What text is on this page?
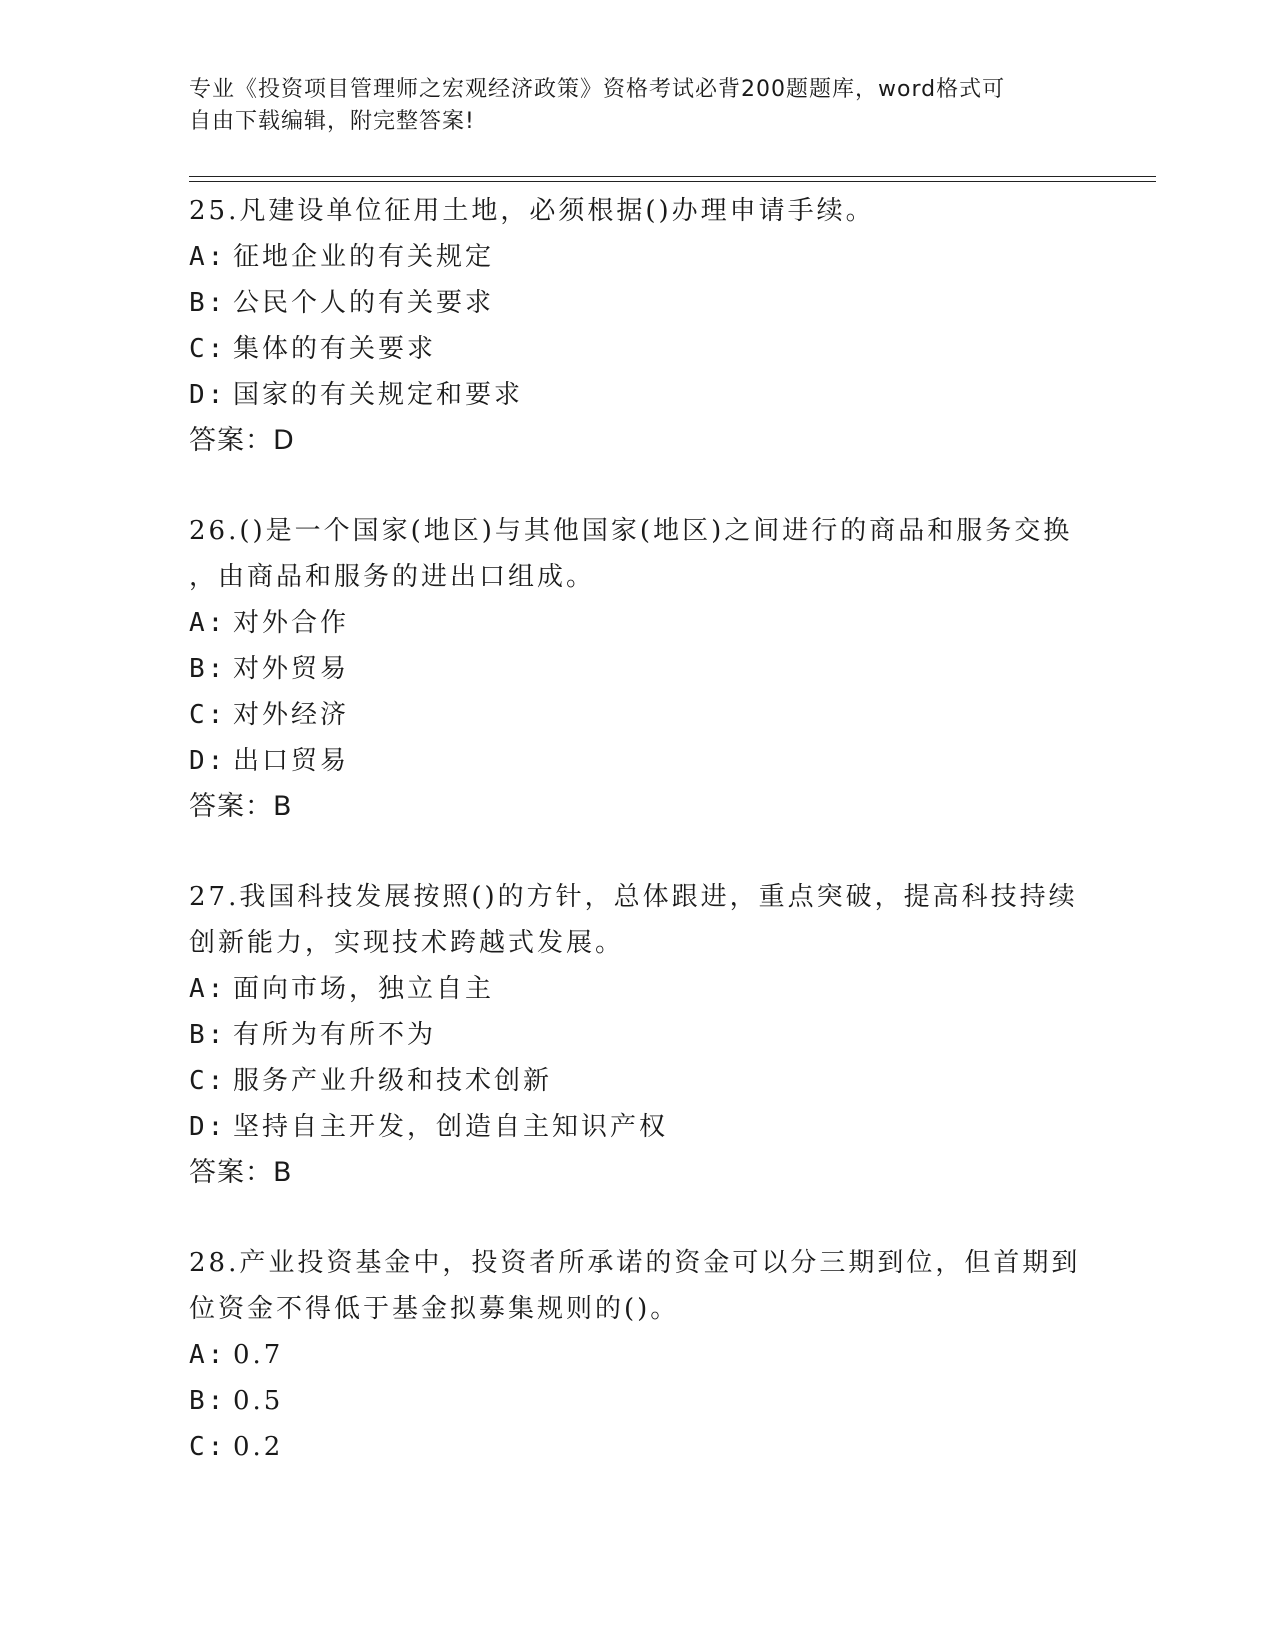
专业《投资项目管理师之宏观经济政策》资格考试必背200题题库，word格式可
自由下载编辑，附完整答案!
25.凡建设单位征用土地，必须根据()办理申请手续。
A: 征地企业的有关规定
B: 公民个人的有关要求
C: 集体的有关要求
D: 国家的有关规定和要求
答案：D
26.()是一个国家(地区)与其他国家(地区)之间进行的商品和服务交换
，由商品和服务的进出口组成。
A: 对外合作
B: 对外贸易
C: 对外经济
D: 出口贸易
答案：B
27.我国科技发展按照()的方针，总体跟进，重点突破，提高科技持续
创新能力，实现技术跨越式发展。
A: 面向市场，独立自主
B: 有所为有所不为
C: 服务产业升级和技术创新
D: 坚持自主开发，创造自主知识产权
答案：B
28.产业投资基金中，投资者所承诺的资金可以分三期到位，但首期到
位资金不得低于基金拟募集规则的()。
A: 0.7
B: 0.5
C: 0.2
